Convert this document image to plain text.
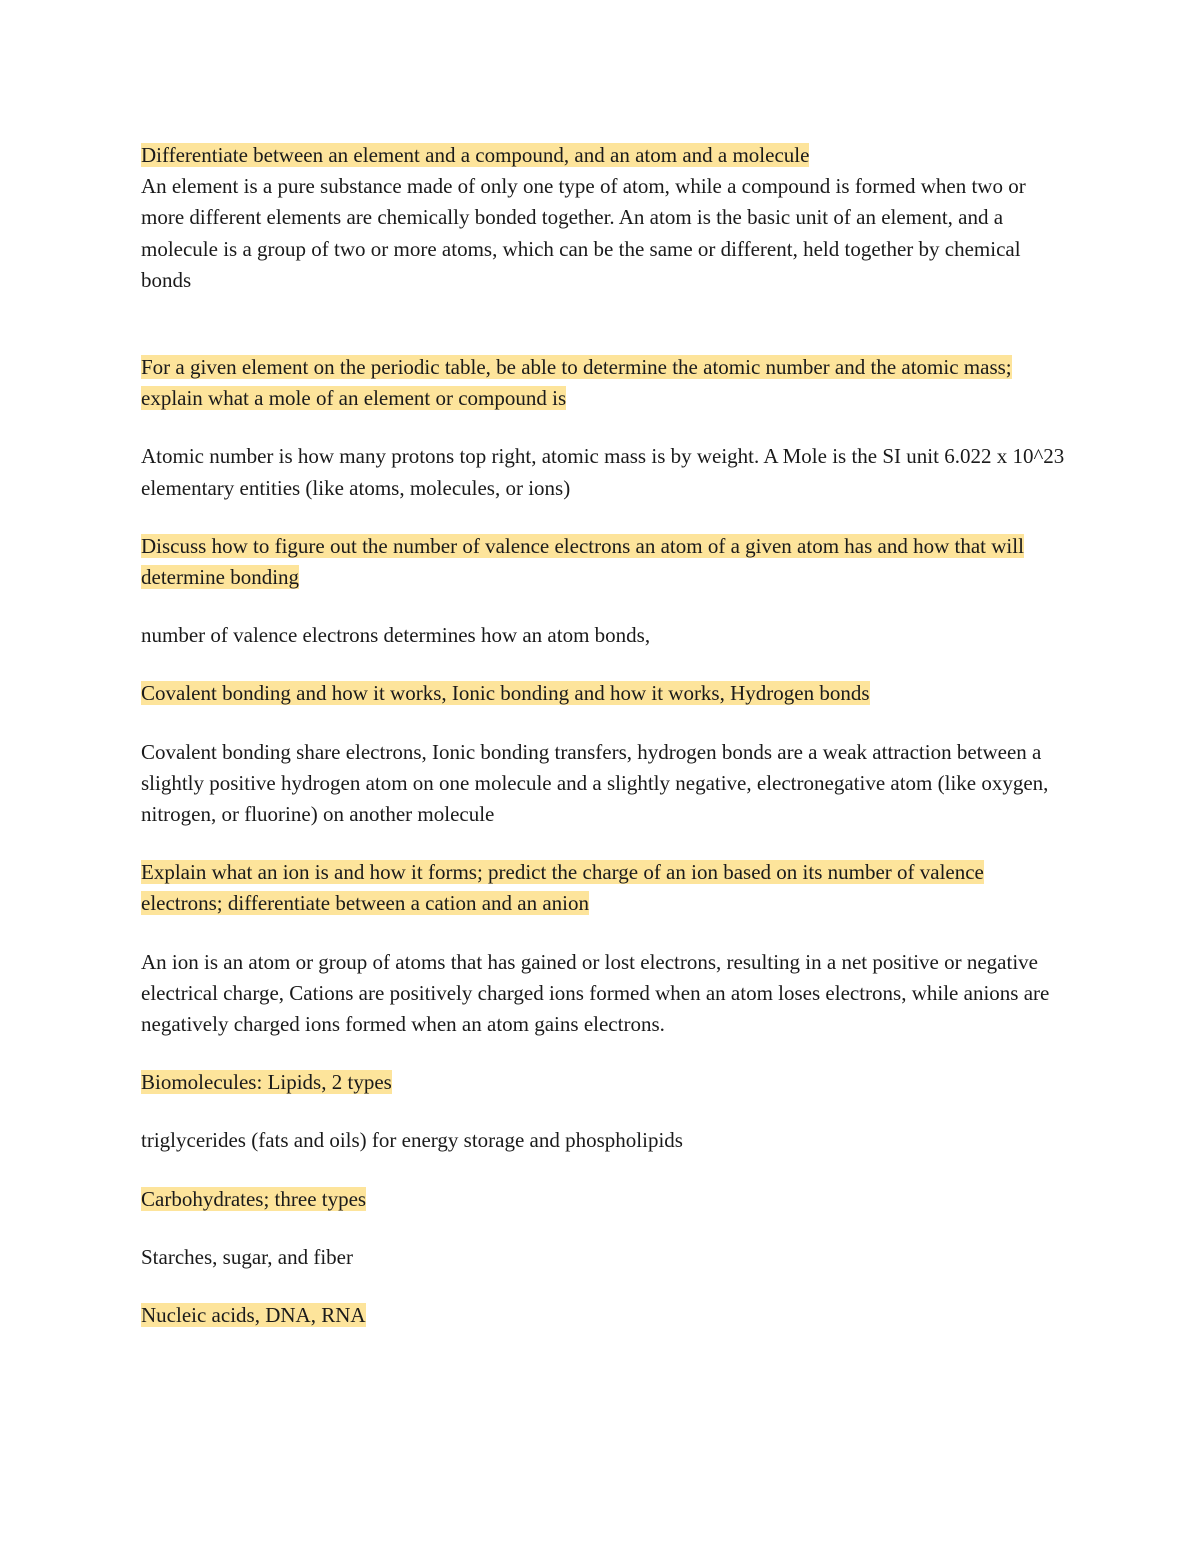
Differentiate between an element and a compound, and an atom and a molecule

An element is a pure substance made of only one type of atom, while a compound is formed when two or more different elements are chemically bonded together. An atom is the basic unit of an element, and a molecule is a group of two or more atoms, which can be the same or different, held together by chemical bonds

For a given element on the periodic table, be able to determine the atomic number and the atomic mass; explain what a mole of an element or compound is

Atomic number is how many protons top right, atomic mass is by weight. A Mole is the SI unit 6.022 x 10^23 elementary entities (like atoms, molecules, or ions)

Discuss how to figure out the number of valence electrons an atom of a given atom has and how that will determine bonding

number of valence electrons determines how an atom bonds,

Covalent bonding and how it works, Ionic bonding and how it works, Hydrogen bonds

Covalent bonding share electrons, Ionic bonding transfers, hydrogen bonds are a weak attraction between a slightly positive hydrogen atom on one molecule and a slightly negative, electronegative atom (like oxygen, nitrogen, or fluorine) on another molecule

Explain what an ion is and how it forms; predict the charge of an ion based on its number of valence electrons; differentiate between a cation and an anion

An ion is an atom or group of atoms that has gained or lost electrons, resulting in a net positive or negative electrical charge, Cations are positively charged ions formed when an atom loses electrons, while anions are negatively charged ions formed when an atom gains electrons.

Biomolecules: Lipids, 2 types

triglycerides (fats and oils) for energy storage and phospholipids

Carbohydrates; three types

Starches, sugar, and fiber

Nucleic acids, DNA, RNA
